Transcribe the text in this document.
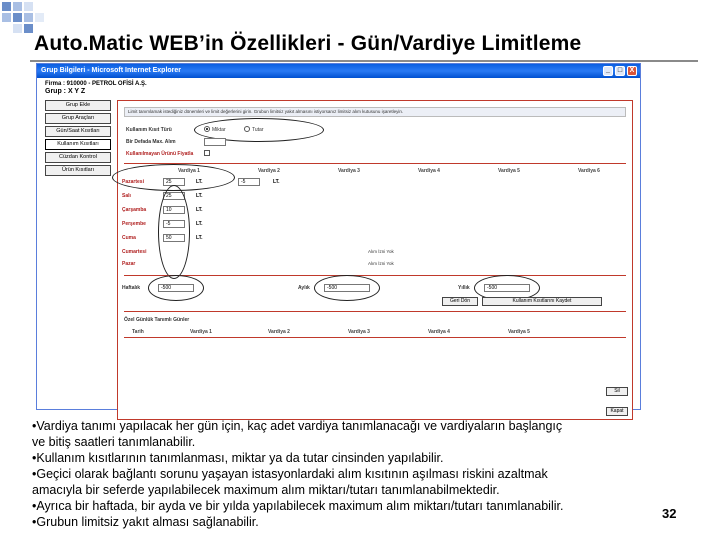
Auto.Matic WEB’in Özellikleri - Gün/Vardiye Limitleme
Grup Bilgileri - Microsoft Internet Explorer	_	□	X
Firma : 910000 - PETROL OFİSİ A.Ş.
Grup : X Y Z
Grup Ekle
Grup Araçları
Gün/Saat Kısıtları
Kullanım Kısıtları
Cüzdan Kontrol
Ürün Kısıtları
Limit tanımlamak istediğiniz dönemleri ve limit değerlerini girin. Grubun limitsiz yakıt almasını istiyorsanız limitsiz alım kutusunu işaretleyin.
Kullanım Kısıt Türü	Miktar	Tutar
Bir Defada Max. Alım
Kullanılmayan Ürünü Fiyatla
Vardiya 1	Vardiya 2	Vardiya 3	Vardiya 4	Vardiya 5	Vardiya 6
Pazartesi	25	LT.	-5	LT.
Salı	25	LT.
Çarşamba	10	LT.
Perşembe	-5	LT.
Cuma	50	LT.
Cumartesi	Alım İzni Yok
Pazar	Alım İzni Yok
Haftalık	-500	Aylık	-500	Yıllık	-500
Geri Dön	Kullanım Kısıtlarını Kaydet
Özel Günlük Tanımlı Günler
Tarih	Vardiya 1	Vardiya 2	Vardiya 3	Vardiya 4	Vardiya 5
Sil
Kapat
•Vardiya tanımı yapılacak her gün için, kaç adet vardiya tanımlanacağı ve vardiyaların başlangıç
ve bitiş saatleri tanımlanabilir.
•Kullanım kısıtlarının tanımlanması, miktar ya da tutar cinsinden yapılabilir.
•Geçici olarak bağlantı sorunu yaşayan istasyonlardaki alım kısıtının aşılması riskini azaltmak
amacıyla bir seferde yapılabilecek maximum alım miktarı/tutarı tanımlanabilmektedir.
•Ayrıca bir haftada, bir ayda ve bir yılda yapılabilecek maximum alım miktarı/tutarı tanımlanabilir.
•Grubun limitsiz yakıt alması sağlanabilir.
32
